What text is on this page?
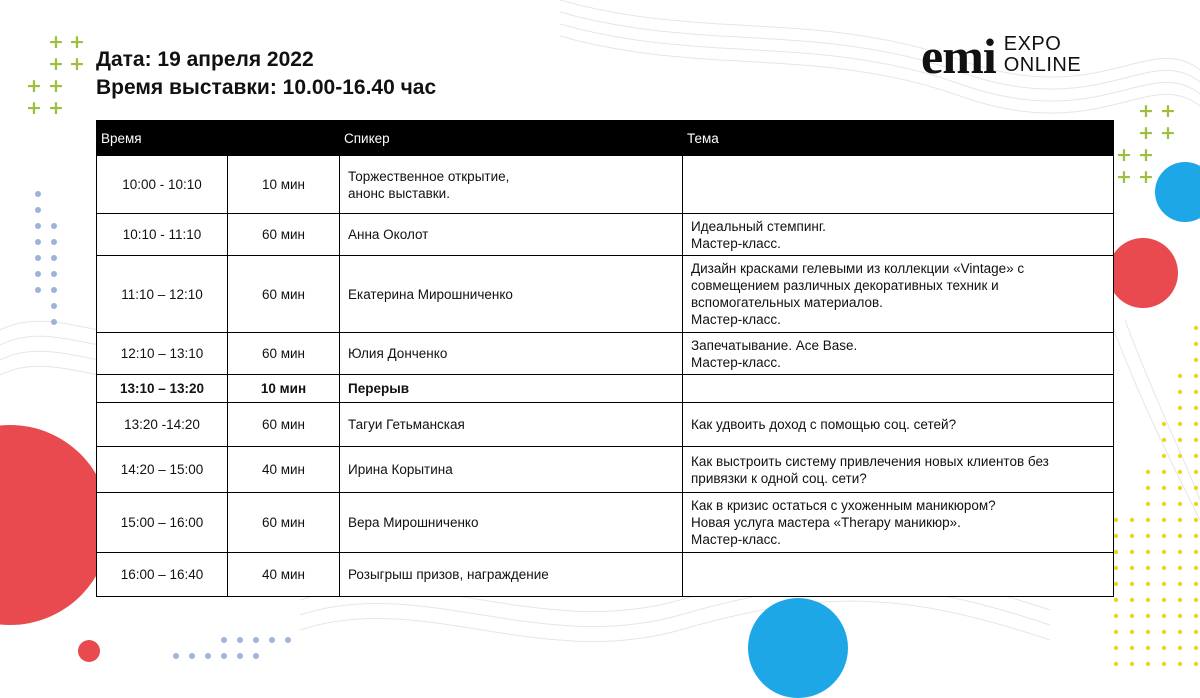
+ +
+ +
+ +
+ +	+ +
+ +
+ +
+ +
Дата: 19 апреля 2022
Время выставки: 10.00-16.40 час
emi EXPO
ONLINE
Время		Спикер	Тема
10:00 - 10:10	10 мин	Торжественное открытие,
анонс выставки.	

10:10 - 11:10	60 мин	Анна Околот	Идеальный стемпинг.
Мастер-класс.

11:10 – 12:10	60 мин	Екатерина Мирошниченко	Дизайн красками гелевыми из коллекции «Vintage» с
совмещением различных декоративных техник и
вспомогательных материалов.
Мастер-класс.

12:10 – 13:10	60 мин	Юлия Донченко	Запечатывание. Ace Base.
Мастер-класс.

13:10 – 13:20	10 мин	Перерыв	

13:20 -14:20	60 мин	Тагуи Гетьманская	Как удвоить доход с помощью соц. сетей?

14:20 – 15:00	40 мин	Ирина Корытина	Как выстроить систему привлечения новых клиентов без
привязки к одной соц. сети?

15:00 – 16:00	60 мин	Вера Мирошниченко	Как в кризис остаться с ухоженным маникюром?
Новая услуга мастера «Therapy маникюр».
Мастер-класс.

16:00 – 16:40	40 мин	Розыгрыш призов, награждение	
